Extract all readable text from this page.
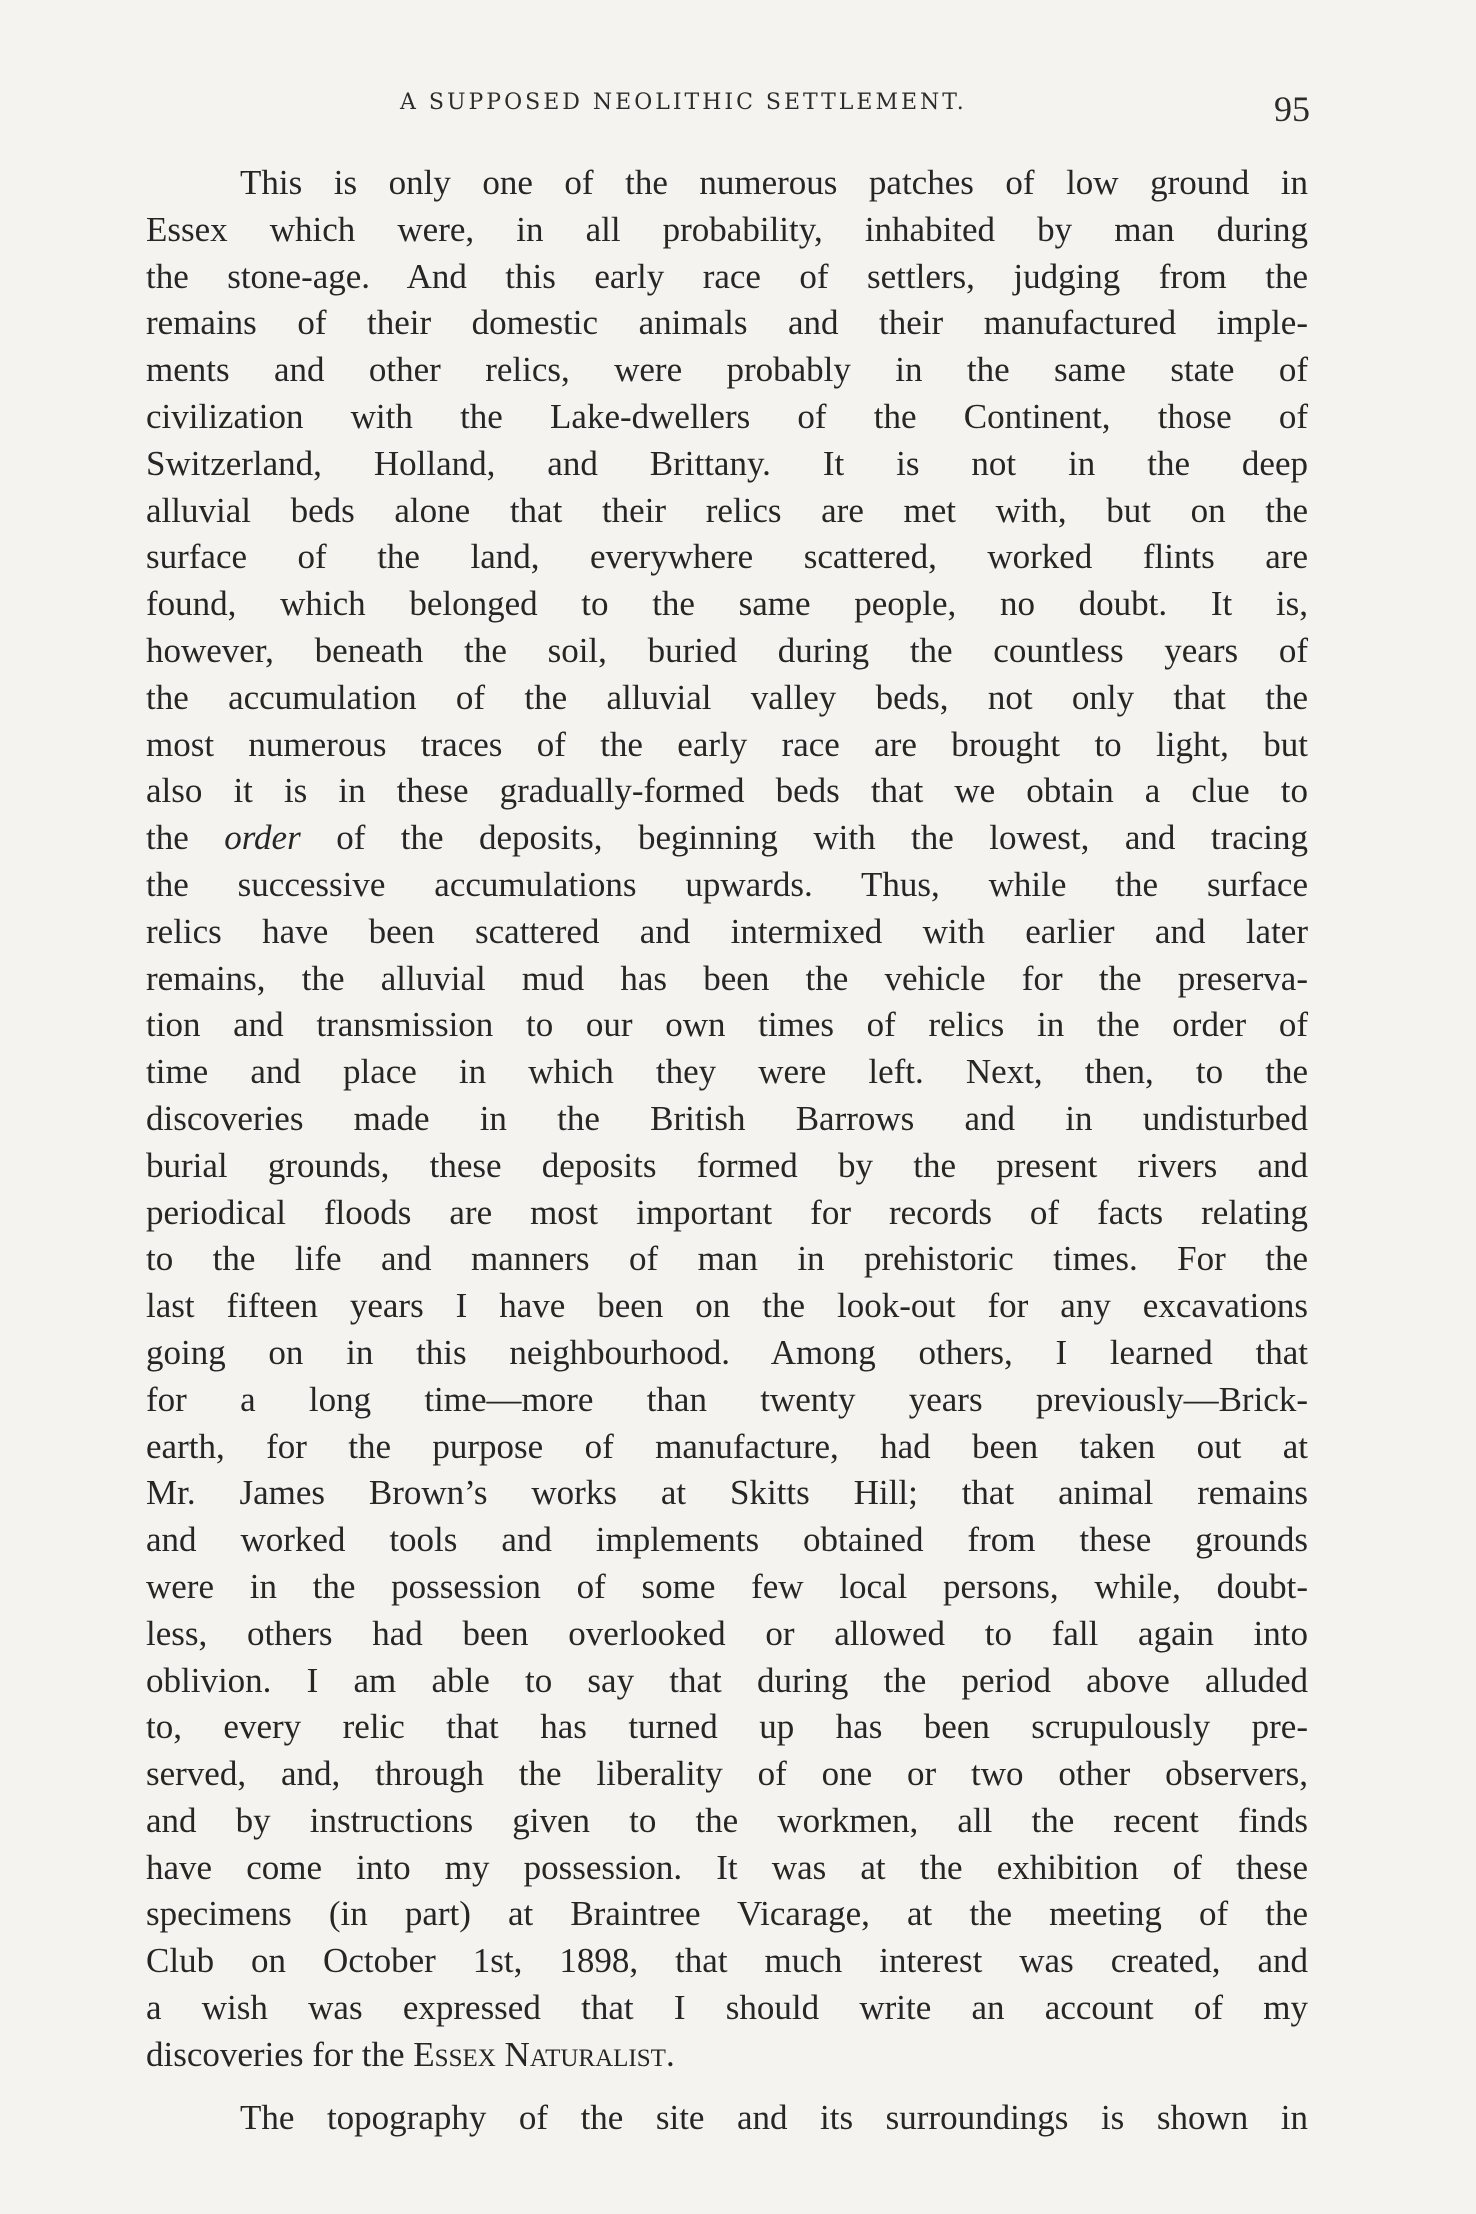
A SUPPOSED NEOLITHIC SETTLEMENT.	95
This is only one of the numerous patches of low ground in
Essex which were, in all probability, inhabited by man during
the stone-age. And this early race of settlers, judging from the
remains of their domestic animals and their manufactured imple-
ments and other relics, were probably in the same state of
civilization with the Lake-dwellers of the Continent, those of
Switzerland, Holland, and Brittany. It is not in the deep
alluvial beds alone that their relics are met with, but on the
surface of the land, everywhere scattered, worked flints are
found, which belonged to the same people, no doubt. It is,
however, beneath the soil, buried during the countless years of
the accumulation of the alluvial valley beds, not only that the
most numerous traces of the early race are brought to light, but
also it is in these gradually-formed beds that we obtain a clue to
the order of the deposits, beginning with the lowest, and tracing
the successive accumulations upwards. Thus, while the surface
relics have been scattered and intermixed with earlier and later
remains, the alluvial mud has been the vehicle for the preserva-
tion and transmission to our own times of relics in the order of
time and place in which they were left. Next, then, to the
discoveries made in the British Barrows and in undisturbed
burial grounds, these deposits formed by the present rivers and
periodical floods are most important for records of facts relating
to the life and manners of man in prehistoric times. For the
last fifteen years I have been on the look-out for any excavations
going on in this neighbourhood. Among others, I learned that
for a long time—more than twenty years previously—Brick-
earth, for the purpose of manufacture, had been taken out at
Mr. James Brown’s works at Skitts Hill; that animal remains
and worked tools and implements obtained from these grounds
were in the possession of some few local persons, while, doubt-
less, others had been overlooked or allowed to fall again into
oblivion. I am able to say that during the period above alluded
to, every relic that has turned up has been scrupulously pre-
served, and, through the liberality of one or two other observers,
and by instructions given to the workmen, all the recent finds
have come into my possession. It was at the exhibition of these
specimens (in part) at Braintree Vicarage, at the meeting of the
Club on October 1st, 1898, that much interest was created, and
a wish was expressed that I should write an account of my
discoveries for the Essex Naturalist.
The topography of the site and its surroundings is shown in
